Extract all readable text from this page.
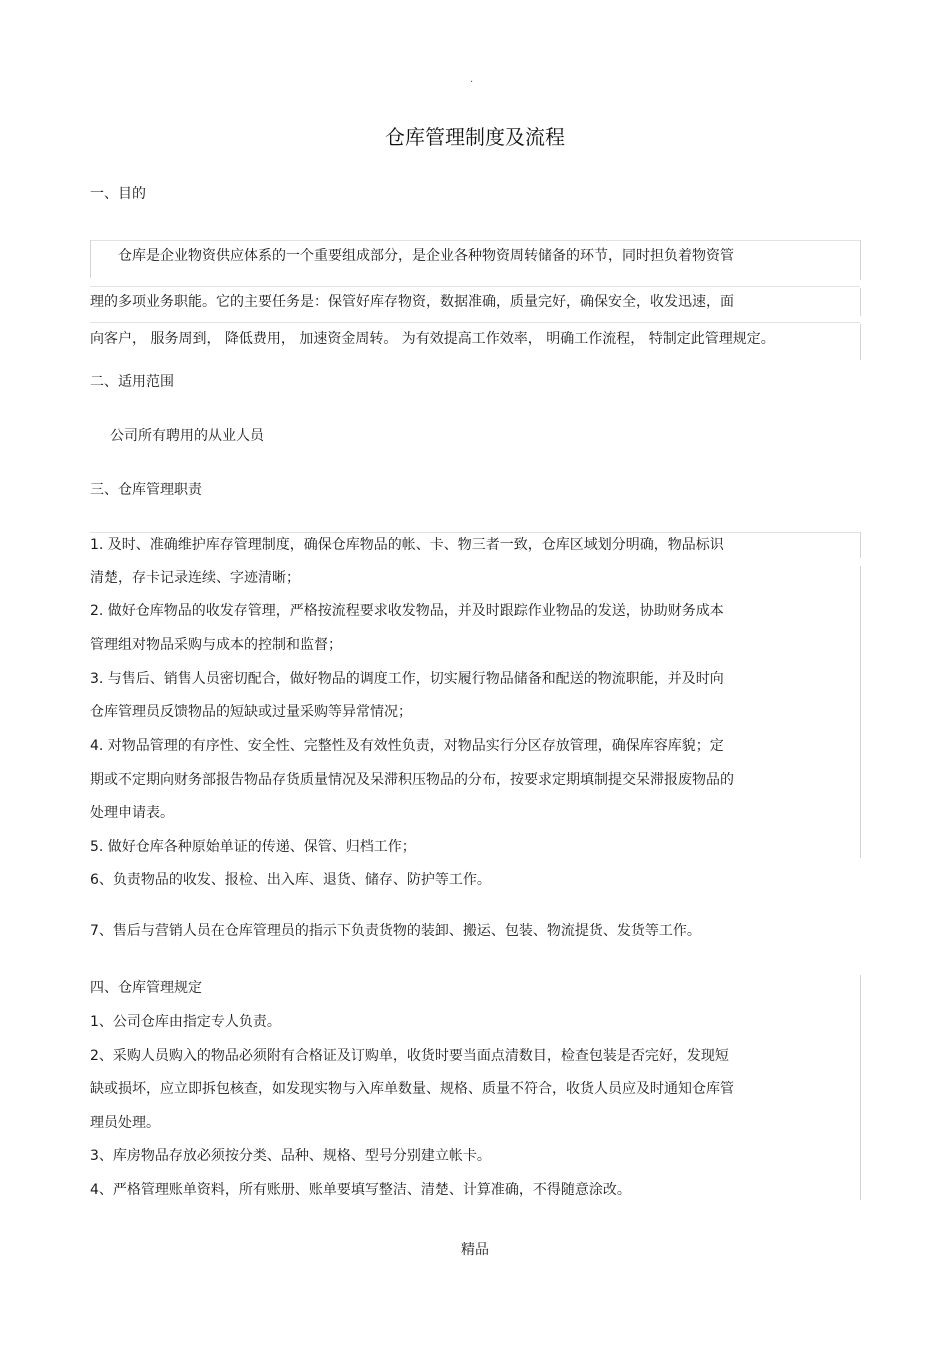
.
仓库管理制度及流程
一、目的
仓库是企业物资供应体系的一个重要组成部分，是企业各种物资周转储备的环节，同时担负着物资管
理的多项业务职能。它的主要任务是：保管好库存物资，数据准确，质量完好，确保安全，收发迅速，面
向客户， 服务周到， 降低费用， 加速资金周转。 为有效提高工作效率， 明确工作流程， 特制定此管理规定。
二、适用范围
公司所有聘用的从业人员
三、仓库管理职责
1. 及时、准确维护库存管理制度，确保仓库物品的帐、卡、物三者一致，仓库区域划分明确，物品标识
清楚，存卡记录连续、字迹清晰；
2. 做好仓库物品的收发存管理，严格按流程要求收发物品，并及时跟踪作业物品的发送，协助财务成本
管理组对物品采购与成本的控制和监督；
3. 与售后、销售人员密切配合，做好物品的调度工作，切实履行物品储备和配送的物流职能，并及时向
仓库管理员反馈物品的短缺或过量采购等异常情况；
4. 对物品管理的有序性、安全性、完整性及有效性负责，对物品实行分区存放管理，确保库容库貌；定
期或不定期向财务部报告物品存货质量情况及呆滞积压物品的分布，按要求定期填制提交呆滞报废物品的
处理申请表。
5. 做好仓库各种原始单证的传递、保管、归档工作；
6、负责物品的收发、报检、出入库、退货、储存、防护等工作。
7、售后与营销人员在仓库管理员的指示下负责货物的装卸、搬运、包装、物流提货、发货等工作。
四、仓库管理规定
1、公司仓库由指定专人负责。
2、采购人员购入的物品必须附有合格证及订购单，收货时要当面点清数目，检查包装是否完好，发现短
缺或损坏，应立即拆包核查，如发现实物与入库单数量、规格、质量不符合，收货人员应及时通知仓库管
理员处理。
3、库房物品存放必须按分类、品种、规格、型号分别建立帐卡。
4、严格管理账单资料，所有账册、账单要填写整洁、清楚、计算准确，不得随意涂改。
精品
